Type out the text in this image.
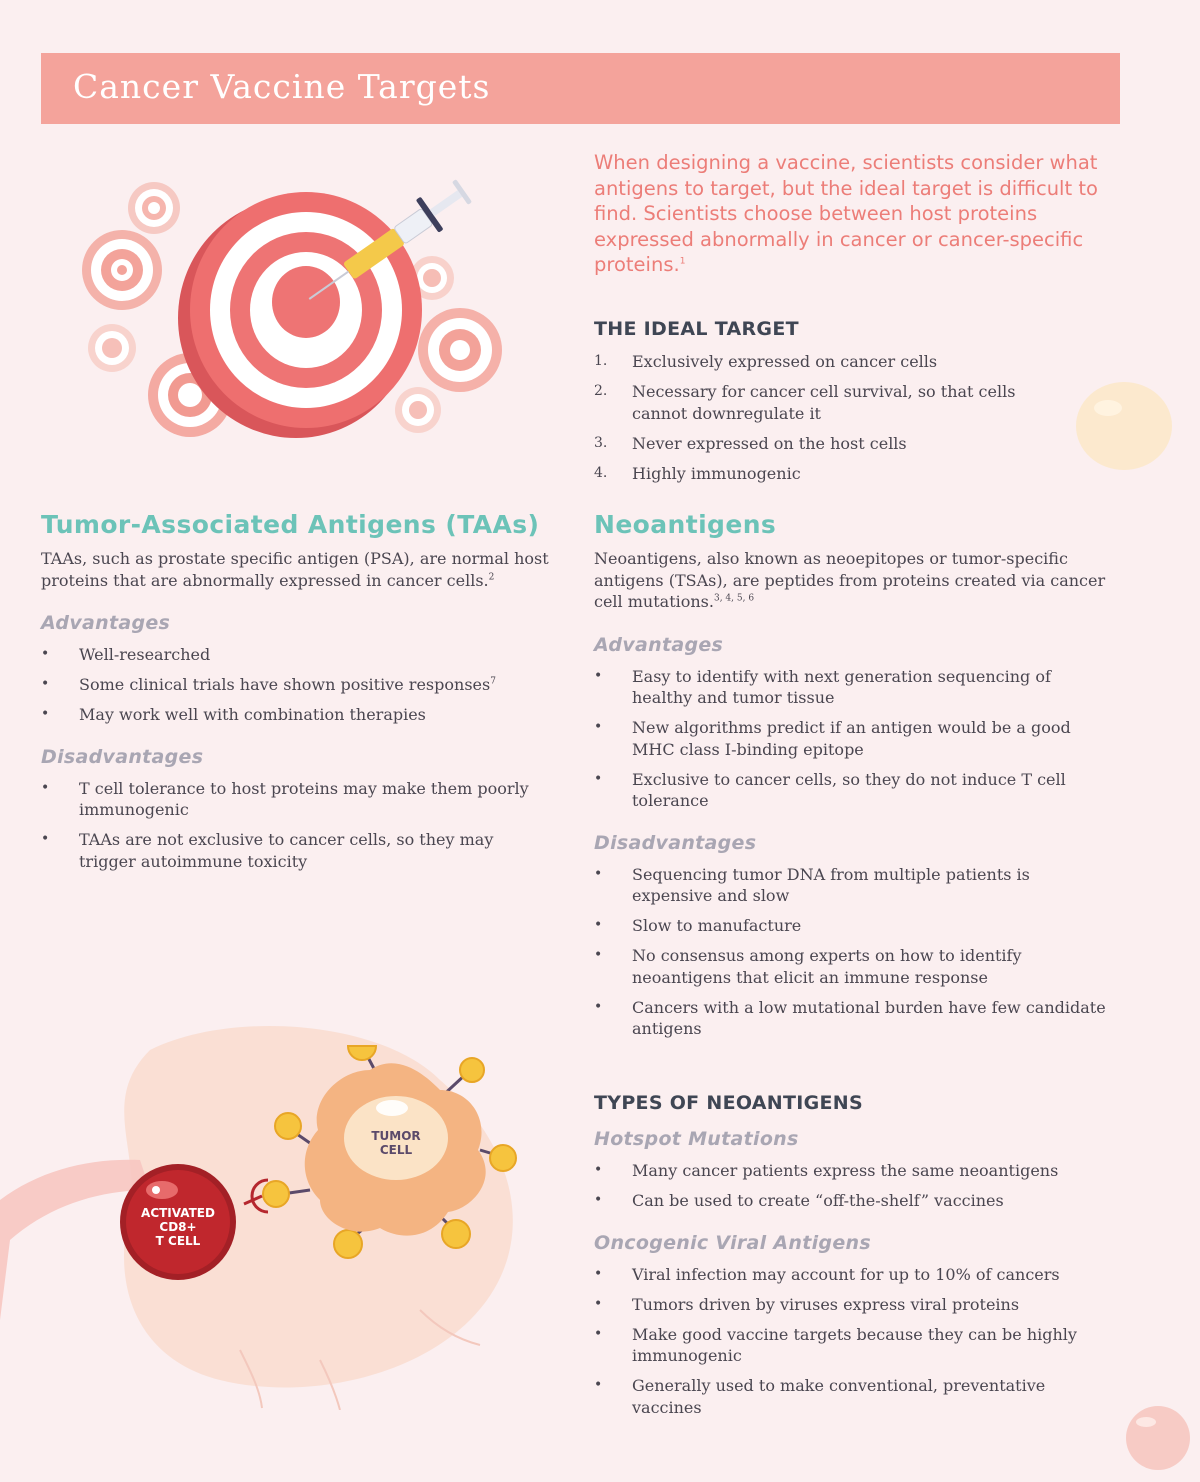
Cancer Vaccine Targets

When designing a vaccine, scientists consider what antigens to target, but the ideal target is difficult to find. Scientists choose between host proteins expressed abnormally in cancer or cancer-specific proteins.$^1$

THE IDEAL TARGET
1. Exclusively expressed on cancer cells
2. Necessary for cancer cell survival, so that cells cannot downregulate it
3. Never expressed on the host cells
4. Highly immunogenic
Tumor-Associated Antigens (TAAs)

TAAs, such as prostate specific antigen (PSA), are normal host proteins that are abnormally expressed in cancer cells.$^2$

Advantages
• Well-researched
• Some clinical trials have shown positive responses$^7$
• May work well with combination therapies
Disadvantages
• T cell tolerance to host proteins may make them poorly immunogenic
• TAAs are not exclusive to cancer cells, so they may trigger autoimmune toxicity
Neoantigens

Neoantigens, also known as neoepitopes or tumor-specific antigens (TSAs), are peptides from proteins created via cancer cell mutations.$^{3, 4, 5, 6}$

Advantages
• Easy to identify with next generation sequencing of healthy and tumor tissue
• New algorithms predict if an antigen would be a good MHC class I-binding epitope
• Exclusive to cancer cells, so they do not induce T cell tolerance
Disadvantages
• Sequencing tumor DNA from multiple patients is expensive and slow
• Slow to manufacture
• No consensus among experts on how to identify neoantigens that elicit an immune response
• Cancers with a low mutational burden have few candidate antigens
TYPES OF NEOANTIGENS
Hotspot Mutations
• Many cancer patients express the same neoantigens
• Can be used to create “off-the-shelf” vaccines
Oncogenic Viral Antigens
• Viral infection may account for up to 10% of cancers
• Tumors driven by viruses express viral proteins
• Make good vaccine targets because they can be highly immunogenic
• Generally used to make conventional, preventative vaccines
TUMOR
CELL
ACTIVATED
CD8+
T CELL
